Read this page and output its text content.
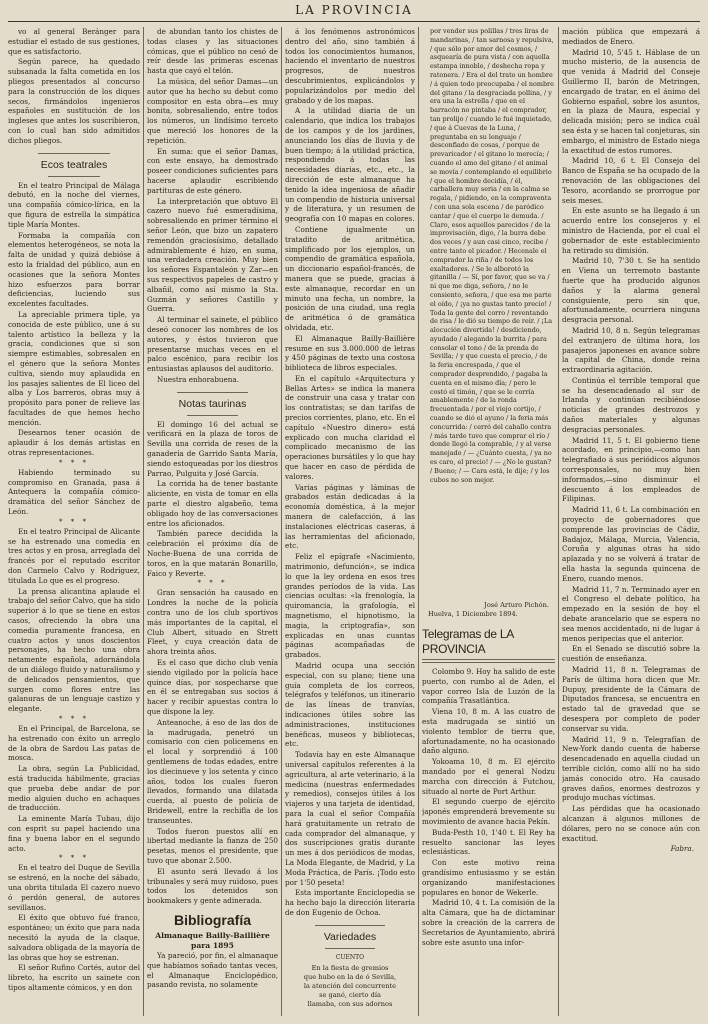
LA PROVINCIA

vo al general Beránger para estudiar el estado de sus gestiones, que es satisfactorio.

Según parece, ha quedado subsanada la falta cometida en los pliegos presentados al concurso para la construcción de los diques secos, firmándolos ingenieros españoles en sustitución de los ingleses que antes los suscribieron, con lo cual han sido admitidos dichos pliegos.

Ecos teatrales

En el teatro Principal de Málaga debutó, en la noche del viernes, una compañía cómico-lírica, en la que figura de estrella la simpática tiple María Montes.

Formaba la compañía con elementos heterogéneos, se nota la falta de unidad y quizá debióse á esto la frialdad del público, aun en ocasiones que la señora Montes hizo esfuerzos para borrar deficiencias, luciendo sus excelentes facultades.

La apreciable primera tiple, ya conocida de este público, une á su talento artístico la belleza y la gracia, condiciones que si son siempre estimables, sobresalen en el género que la señora Montes cultiva, siendo muy aplaudida en los pasajes salientes de El liceo del alba y Los barreros, obras muy á propósito para poner de relieve las facultades de que hemos hecho mención.

Desearnos tener ocasión de aplaudir á los demás artistas en otras representaciones.

* * *

Habiendo terminado su compromiso en Granada, pasa á Antequera la compañía cómico-dramática del señor Sánchez de León.

* * *

En el teatro Principal de Alicante se ha estrenado una comedia en tres actos y en prosa, arreglada del francés por el reputado escritor don Carmelo Calvo y Rodríguez, titulada Lo que es el progreso.

La prensa alicantina aplaude el trabajo del señor Calvo, que ha sido superior á lo que se tiene en estos casos, ofreciendo la obra una comedia puramente francesa, en cuatro actos y unos doscientos personajes, ha hecho una obra netamente española, adornándola de un diálogo fluido y naturalismo y de delicados pensamientos, que surgen como flores entre las galanuras de un lenguaje castizo y elegante.

* * *

En el Principal, de Barcelona, se ha estrenado con éxito un arreglo de la obra de Sardou Las patas de mosca.

La obra, según La Publicidad, está traducida hábilmente, gracias que prueba debe andar de por medio alguien ducho en achaques de traducción.

La eminente María Tubau, dijo con esprit su papel haciendo una fina y buena labor en el segundo acto.

* * *

En el teatro del Duque de Sevilla se estrenó, en la noche del sábado, una obrita titulada El cazero nuevo ó perdón general, de autores sevillanos.

El éxito que obtuvo fué franco, espontáneo; un éxito que para nada necesitó la ayuda de la claque, salvadora obligada de la mayoría de las obras que hoy se estrenan.

El señor Rufino Cortés, autor del libreto, ha escrito un sainete con tipos altamente cómicos, y en don

de abundan tanto los chistes de todas clases y las situaciones cómicas, que el público no cesó de reír desde las primeras escenas hasta que cayó el telón.

La música, del señor Damas—un autor que ha hecho su debut como compositor en esta obra—es muy bonita, sobresaliendo, entre todos los números, un lindísimo terceto que mereció los honores de la repetición.

En suma: que el señor Damas, con este ensayo, ha demostrado poseer condiciones suficientes para hacerse aplaudir escribiendo partituras de este género.

La interpretación que obtuvo El cazero nuevo fué esmeradísima, sobresaliendo en primer término el señor León, que bizo un zapatero remendón graciosísimo, detallado admirablemente é hizo, en suma, una verdadera creación. Muy bien los señores Espantaleón y Zar—en sus respectivos papeles de castro y albañil, como así mismo la Sta. Guzmán y señores Castillo y Guerra.

Al terminar el sainete, el público deseó conocer los nombres de los autores, y éstos tuvieron que presentarse muchas veces en el palco escénico, para recibir los entusiastas aplausos del auditorio.

Nuestra enhorabuena.

Notas taurinas

El domingo 16 del actual se verificará en la plaza de toros de Sevilla una corrida de reses de la ganadería de Garrido Santa María, siendo estoqueadas por los diestros Parrao, Pulguita y José García.

La corrida ha de tener bastante aliciente, en vista de tomar en ella parte el diestro algabeño, tema obligado hoy de las conversaciones entre los aficionados.

También parece decidida la celebración el próximo día de Noche-Buena de una corrida de toros, en la que matarán Bonarillo, Faico y Reverte.

* * *

Gran sensación ha causado en Londres la noche de la policía contra uno de los club sportivos más importantes de la capital, el Club Albert, situado en Strett Fleet, y cuya creación data de ahora treinta años.

Es el caso que dicho club venía siendo vigilado por la policía hace quince días, por sospecharse que en él se entregaban sus socios á hacer y recibir apuestas contra lo que dispone la ley.

Anteanoche, á eso de las dos de la madrugada, penetró un comisario con cien policemens en el local y sorprendió á 100 gentlemens de todas edades, entre los diecinueve y los setenta y cinco años, todos los cuales fueron llevados, formando una dilatada cuerda, al puesto de policía de Bridewell, entre la rechifla de los transeuntes.

Todos fueron puestos allí en libertad mediante la fianza de 250 pesetas, menos el presidente, que tuvo que abonar 2.500.

El asunto será llevado á los tribunales y será muy ruidoso, pues todos los detenidos son bookmakers y gente adinerada.

Bibliografía
Almanaque Bailly-Baillière
para 1895

Ya pareció, por fin, el almanaque que habíamos soñado tantas veces, el Almanaque Enciclopédico, pasando revista, no solamente

á los fenómenos astronómicos dentro del año, sino también á todos los conocimientos humanos, haciendo el inventario de nuestros progresos, de nuestros descubrimientos, explicándolos y popularizándolos por medio del grabado y de los mapas.

A la utilidad diaria de un calendario, que indica los trabajos de los campos y de los jardines, anunciando los días de lluvia y de buen tiempo; á la utilidad práctica, respondiendo á todas las necesidades diarias, etc., etc., la dirección de este almanaque ha tenido la idea ingeniosa de añadir un compendio de historia universal y de literatura, y un resumen de geografía con 10 mapas en colores.

Contiene igualmente un tratadito de aritmética, simplificado por los ejemplos, un compendio de gramática española, un diccionario español-francés, de manera que se puede, gracias á este almanaque, recordar en un minuto una fecha, un nombre, la posición de una ciudad, una regla de aritmética ó de gramática olvidada, etc.

El Almanaque Bailly-Baillière resume en sus 3.000.000 de letras y 450 páginas de texto una costosa biblioteca de libros especiales.

En el capítulo «Arquitectura y Bellas Artes» se indica la manera de construir una casa y tratar con los contratistas; se dan tarifas de precios corrientes, plano, etc. En el capítulo «Nuestro dinero» está explicado con mucha claridad el complicado mecanismo de las operaciones bursátiles y lo que hay que hacer en caso de pérdida de valores.

Varias páginas y láminas de grabados están dedicadas á la economía doméstica, á la mejor manera de calefacción, á las instalaciones eléctricas caseras, á las herramientas del aficionado, etc.

Feliz el epígrafe «Nacimiento, matrimonio, defunción», se indica lo que la ley ordena en esos tres grandes períodos de la vida. Las ciencias ocultas: «la frenología, la quiromancia, la grafología, el magnetismo, el hipnotismo, la magia, la criptografía», son explicadas en unas cuantas páginas acompañadas de grabados.

Madrid ocupa una sección especial, con su plano; tiene una guía completa de los correos, telégrafos y teléfonos, un itinerario de las líneas de tranvías, indicaciones útiles sobre las administraciones, instituciones benéficas, museos y bibliotecas, etc.

Todavía hay en este Almanaque universal capítulos referentes á la agricultura, al arte veterinario, á la medicina (nuestras enfermedades y remedios), consejos útiles á los viajeros y una tarjeta de identidad, para la cual el señor Compañía hará gratuitamente un retrato de cada comprador del almanaque, y dos suscripciones gratis durante un mes á dos periódicos de modas, La Moda Elegante, de Madrid, y La Moda Práctica, de París. ¡Todo esto por 1'50 peseta!

Esta importante Enciclopedia se ha hecho bajo la dirección literaria de don Eugenio de Ochoa.

Variedades
CUENTO
En la fiesta de gremios
que hubo en la de ó Sevilla,
la atención del concurrente
se ganó, cierto día
llamaba, con sus adornos
por vender sus polillas / tres liras de mandarinas, / tan sarnosa y repulsiva, / que sólo por amor del cosmos, / asquearía de pura vista / con aquella estampa innoble, / deshecha ropa y ratonera. / Era el del trato un hombre / á quien todo preocupaba / el nombre del gitano / la desgraciada pollina, / y era una la estrella / que en el barracón no pintaba / el comprador, tan prolijo / cuando le fué inquietado, / que á Cuevas de la Luna, / preguntaba en su lenguaje / desconfiado de cosas, / porque de prevaricador / el gitano lo merecía; / cuando el amo del gitano / el animal se movía / contemplando el equilibrio / que el hombre decidía, / él, carballera muy seria / en la calma se regala, / pidiendo, en la compraventa / con una sola escena / de paródico cantar / que el cuerpo le demuda. / Claro, esos aquellos parecidos / de la improvisación, digo, / la burra debe dos veces / y aun casi cinco, recibe / entre tanto el picador. / Hecenale el comprador la riña / de todos los exaltadores. / Se le alborotó la gitanilla / — Sí, por favor, que se va / ni que me diga, señora, / no le consiento, señora, / que esa me parte el oído, / ¡ya no gustas tanto precio! / Toda la gente del corro / reventando de risa / le dió su tiempo de reír. / ¡La alocución divertida! / desdiciendo, ayudado / alegando la burrita / para consolar el tono / de la prenda de Sevilla; / y que cuesta el precio, / de la feria encrespada, / que el comprador desprendido, / pagaba la cuenta en el mismo día; / pero le costó el timón, / que se le corría amablemente / de la ronda frecuentada / por el viejo cortijo, / cuando se dió el ayuno / la feria más concurrida: / cerró del caballo contra / más tarde tuvo que comprar el río / donde llegó la comprable, / y al verse manejado / — ¿Cuánto cuesta, / ya no es caro, el precio! / — ¿No le gustan? / Bueno; / — Cara está, le dije; / y los cubos no son mejor.
José Arturo Pichón.
Huelva, 1 Diciembre 1894.
Telegramas de LA PROVINCIA

Colombo 9. Hoy ha salido de este puerto, con rumbo al de Aden, el vapor correo Isla de Luzón de la compañía Trasatlántica.

Viena 10, 8 m. A las cuatro de esta madrugada se sintió un violento temblor de tierra que, afortunadamente, no ha ocasionado daño alguno.

Yokoama 10, 8 m. El ejército mandado por el general Nodzu marcha con dirección á Futchou, situado al norte de Port Arthur.

El segundo cuerpo de ejército japonés emprenderá brevemente su movimiento de avance hacia Pekín.

Buda-Pesth 10, 1'40 t. El Rey ha resuelto sancionar las leyes eclesiásticas.

Con este motivo reina grandísimo entusiasmo y se están organizando manifestaciones populares en honor de Wekerle.

Madrid 10, 4 t. La comisión de la alta Cámara, que ha de dictaminar sobre la creación de la carrera de Secretarios de Ayuntamiento, abrirá sobre este asunto una infor-

mación pública que empezará á mediados de Enero.

Madrid 10, 5'45 t. Háblase de un mucho misterio, de la ausencia de que venida á Madrid del Conseje Guillermo II, barón de Metringen, encargado de tratar, en el ánimo del Gobierno español, sobre los asuntos, en la plaza de Maura, especial y delicada misión; pero se indica cuál sea ésta y se hacen tal conjeturas, sin embargo, el ministro de Estado niega la exactitud de estos rumores.

Madrid 10, 6 t. El Consejo del Banco de España se ha ocupado de la renovación de las obligaciones del Tesoro, acordando se prorrogue por seis meses.

En este asunto se ha llegado á un acuerdo entre los consejeros y el ministro de Hacienda, por el cual el gobernador de este establecimiento ha retirado su dimisión.

Madrid 10, 7'30 t. Se ha sentido en Viena un terremoto bastante fuerte que ha producido algunos daños y la alarma general consiguiente, pero sin que, afortunadamente, ocurriera ninguna desgracia personal.

Madrid 10, 8 n. Según telegramas del extranjero de última hora, los pasajeros japoneses en avance sobre la capital de China, donde reina extraordinaria agitación.

Continúa el terrible temporal que se ha desencadenado al sur de Irlanda y continúan recibiéndose noticias de grandes destrozos y daños materiales y algunas desgracias personales.

Madrid 11, 5 t. El gobierno tiene acordado, en principio,—como han telegrafiado á sus periódicos algunos corresponsales, no muy bien informados,—sino disminuir el descuento á los empleados de Filipinas.

Madrid 11, 6 t. La combinación en proyecto de gobernadores que comprende las provincias de Cádiz, Badajoz, Málaga, Murcia, Valencia, Coruña y algunas otras ha sido aplazada y no se volverá á tratar de ella hasta la segunda quincena de Enero, cuando menos.

Madrid 11, 7 n. Terminado ayer en el Congreso el debate político, ha empezado en la sesión de hoy el debate arancelario que se espera no sea menos accidentado, ni de lugar á menos peripecias que el anterior.

En el Senado se discutió sobre la cuestión de enseñanza.

Madrid 11, 8 n. Telegramas de París de última hora dicen que Mr. Dupuy, presidente de la Cámara de Diputados francesa, se encuentra en estado tal de gravedad que se desespera por completo de poder conservar su vida.

Madrid 11, 9 n. Telegrafían de New-York dando cuenta de haberse desencadenado en aquella ciudad un terrible ciclón, como allí no ha sido jamás conocido otro. Ha causado graves daños, enormes destrozos y produjo muchas víctimas.

Las pérdidas que ha ocasionado alcanzan á algunos millones de dólares, pero no se conoce aún con exactitud.

Fabra.
